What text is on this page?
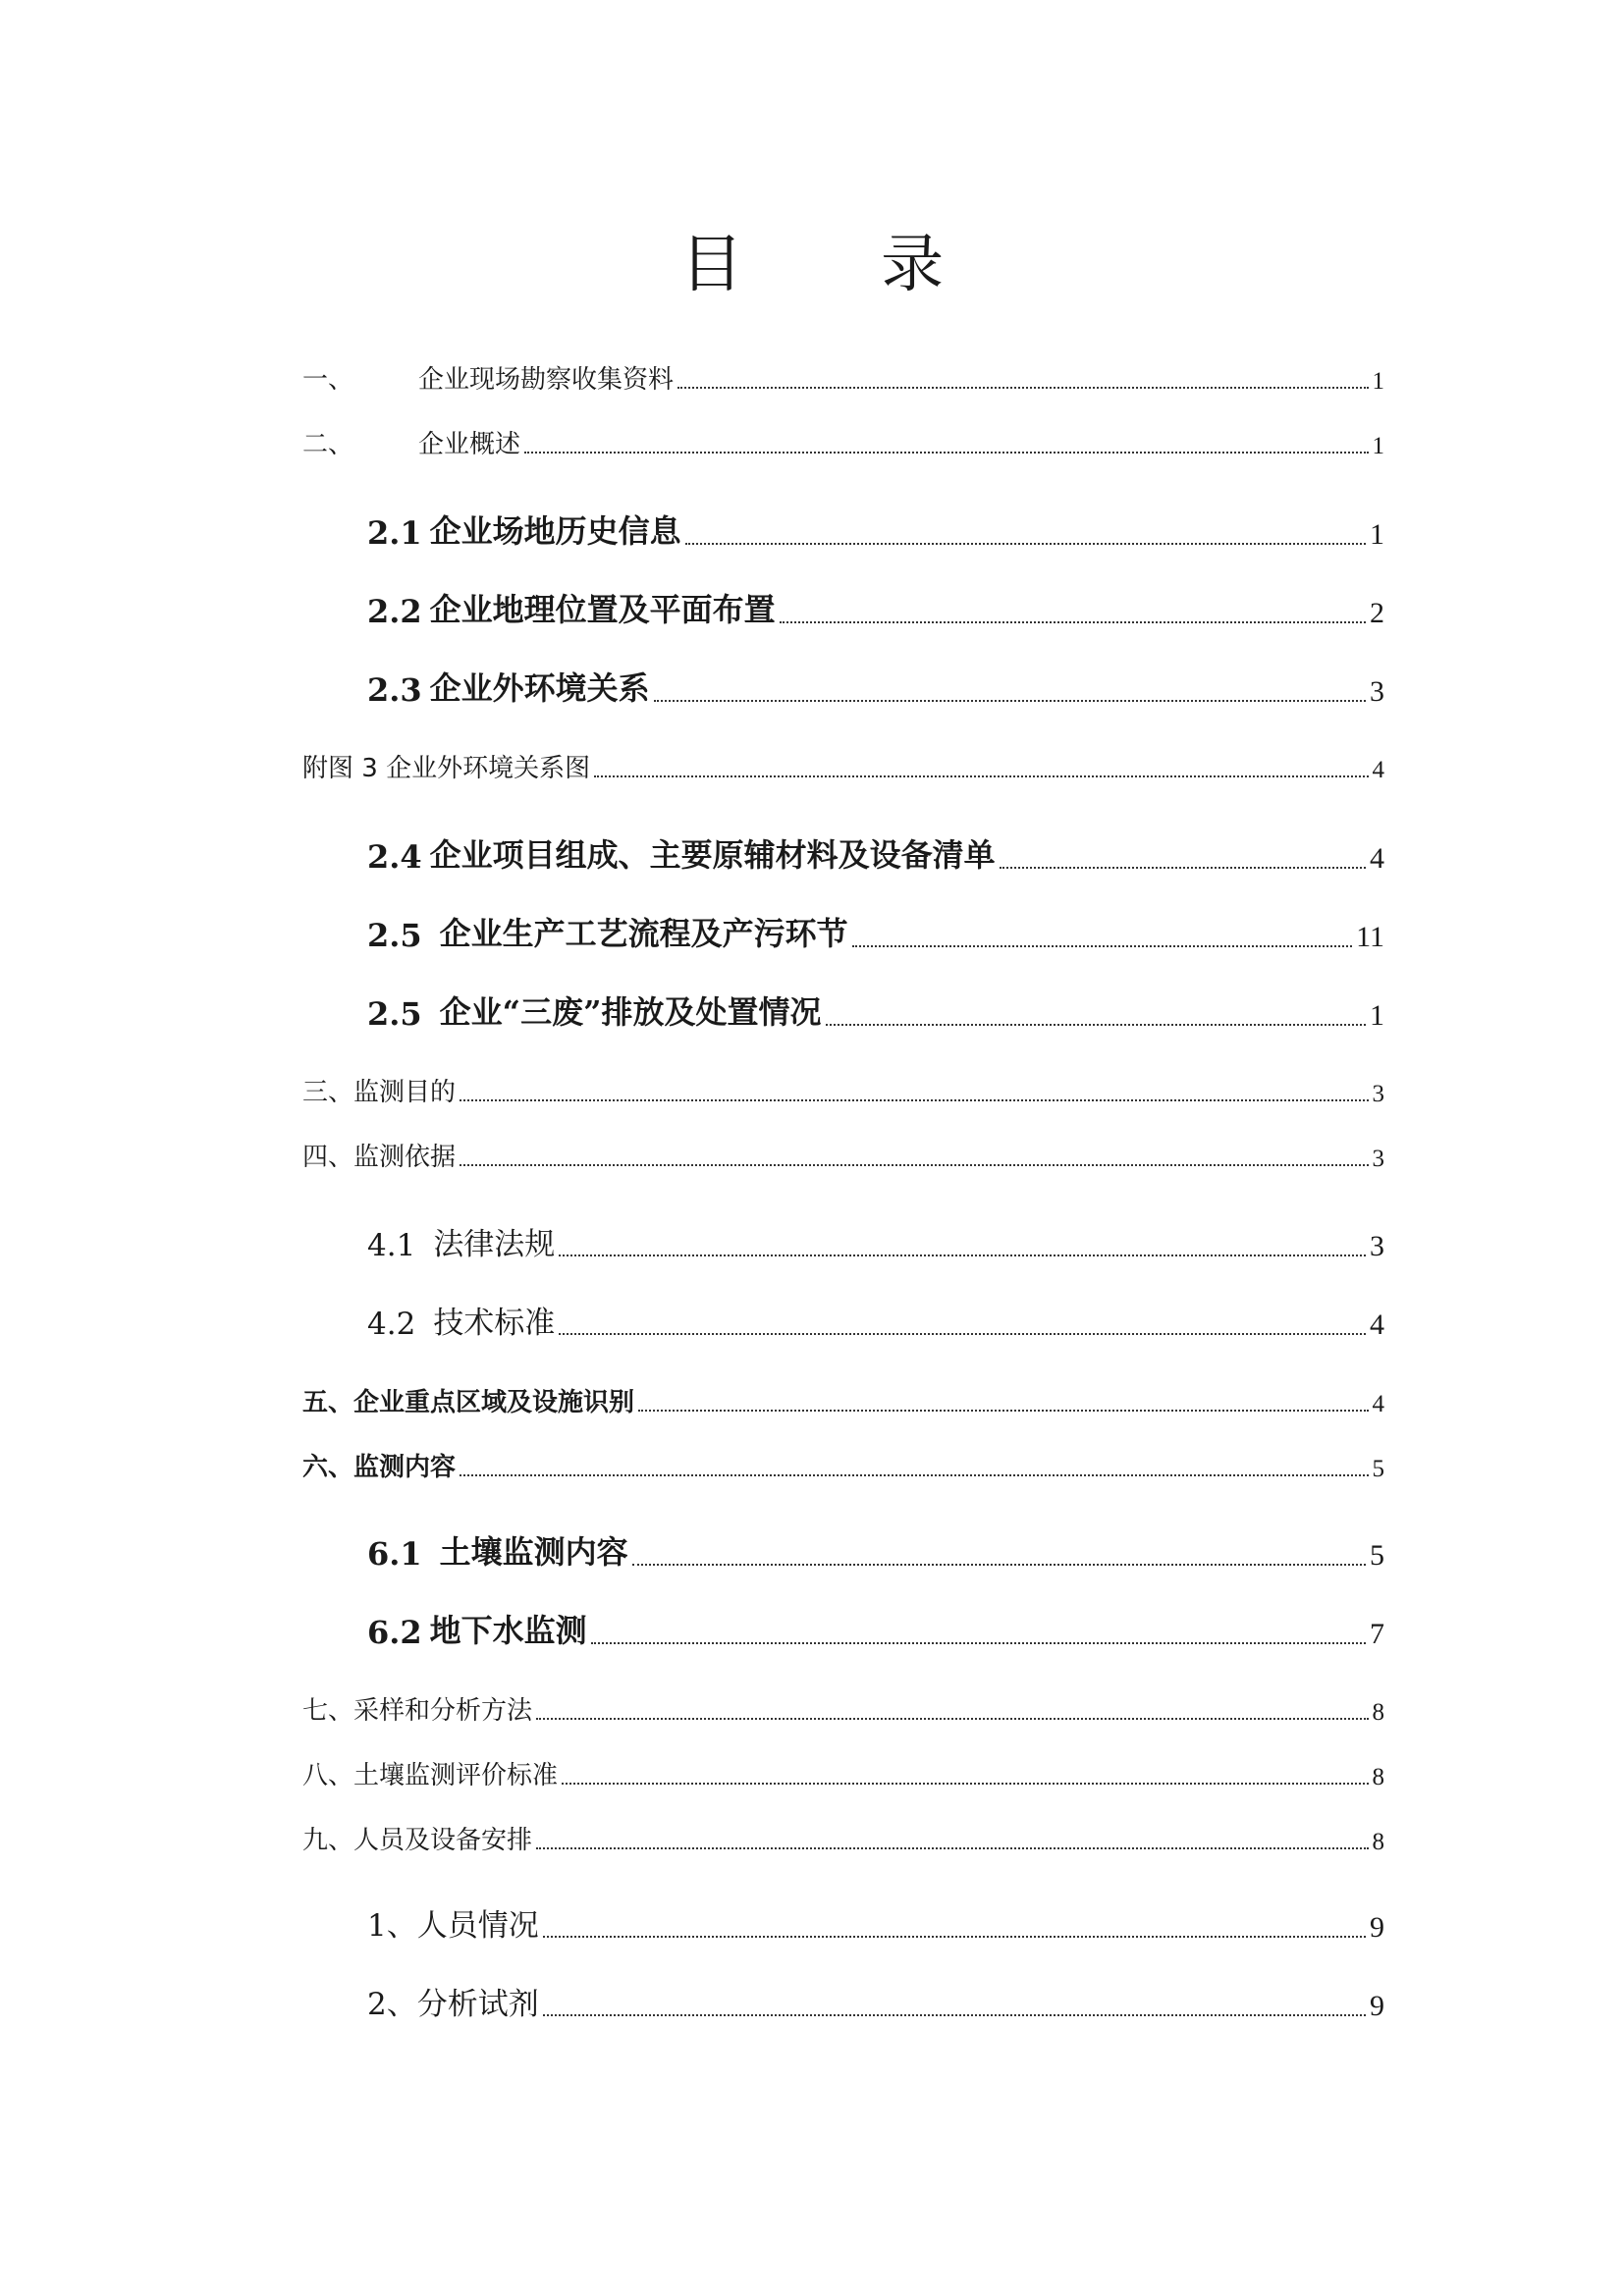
目 录
一、	企业现场勘察收集资料	1
二、	企业概述	1
2.1 企业场地历史信息	1
2.2 企业地理位置及平面布置	2
2.3 企业外环境关系	3
附图 3 企业外环境关系图	4
2.4 企业项目组成、主要原辅材料及设备清单	4
2.5 企业生产工艺流程及产污环节	11
2.5 企业“三废”排放及处置情况	1
三、监测目的	3
四、监测依据	3
4.1 法律法规	3
4.2 技术标准	4
五、企业重点区域及设施识别	4
六、监测内容	5
6.1 土壤监测内容	5
6.2 地下水监测	7
七、采样和分析方法	8
八、土壤监测评价标准	8
九、人员及设备安排	8
1、人员情况	9
2、分析试剂	9
